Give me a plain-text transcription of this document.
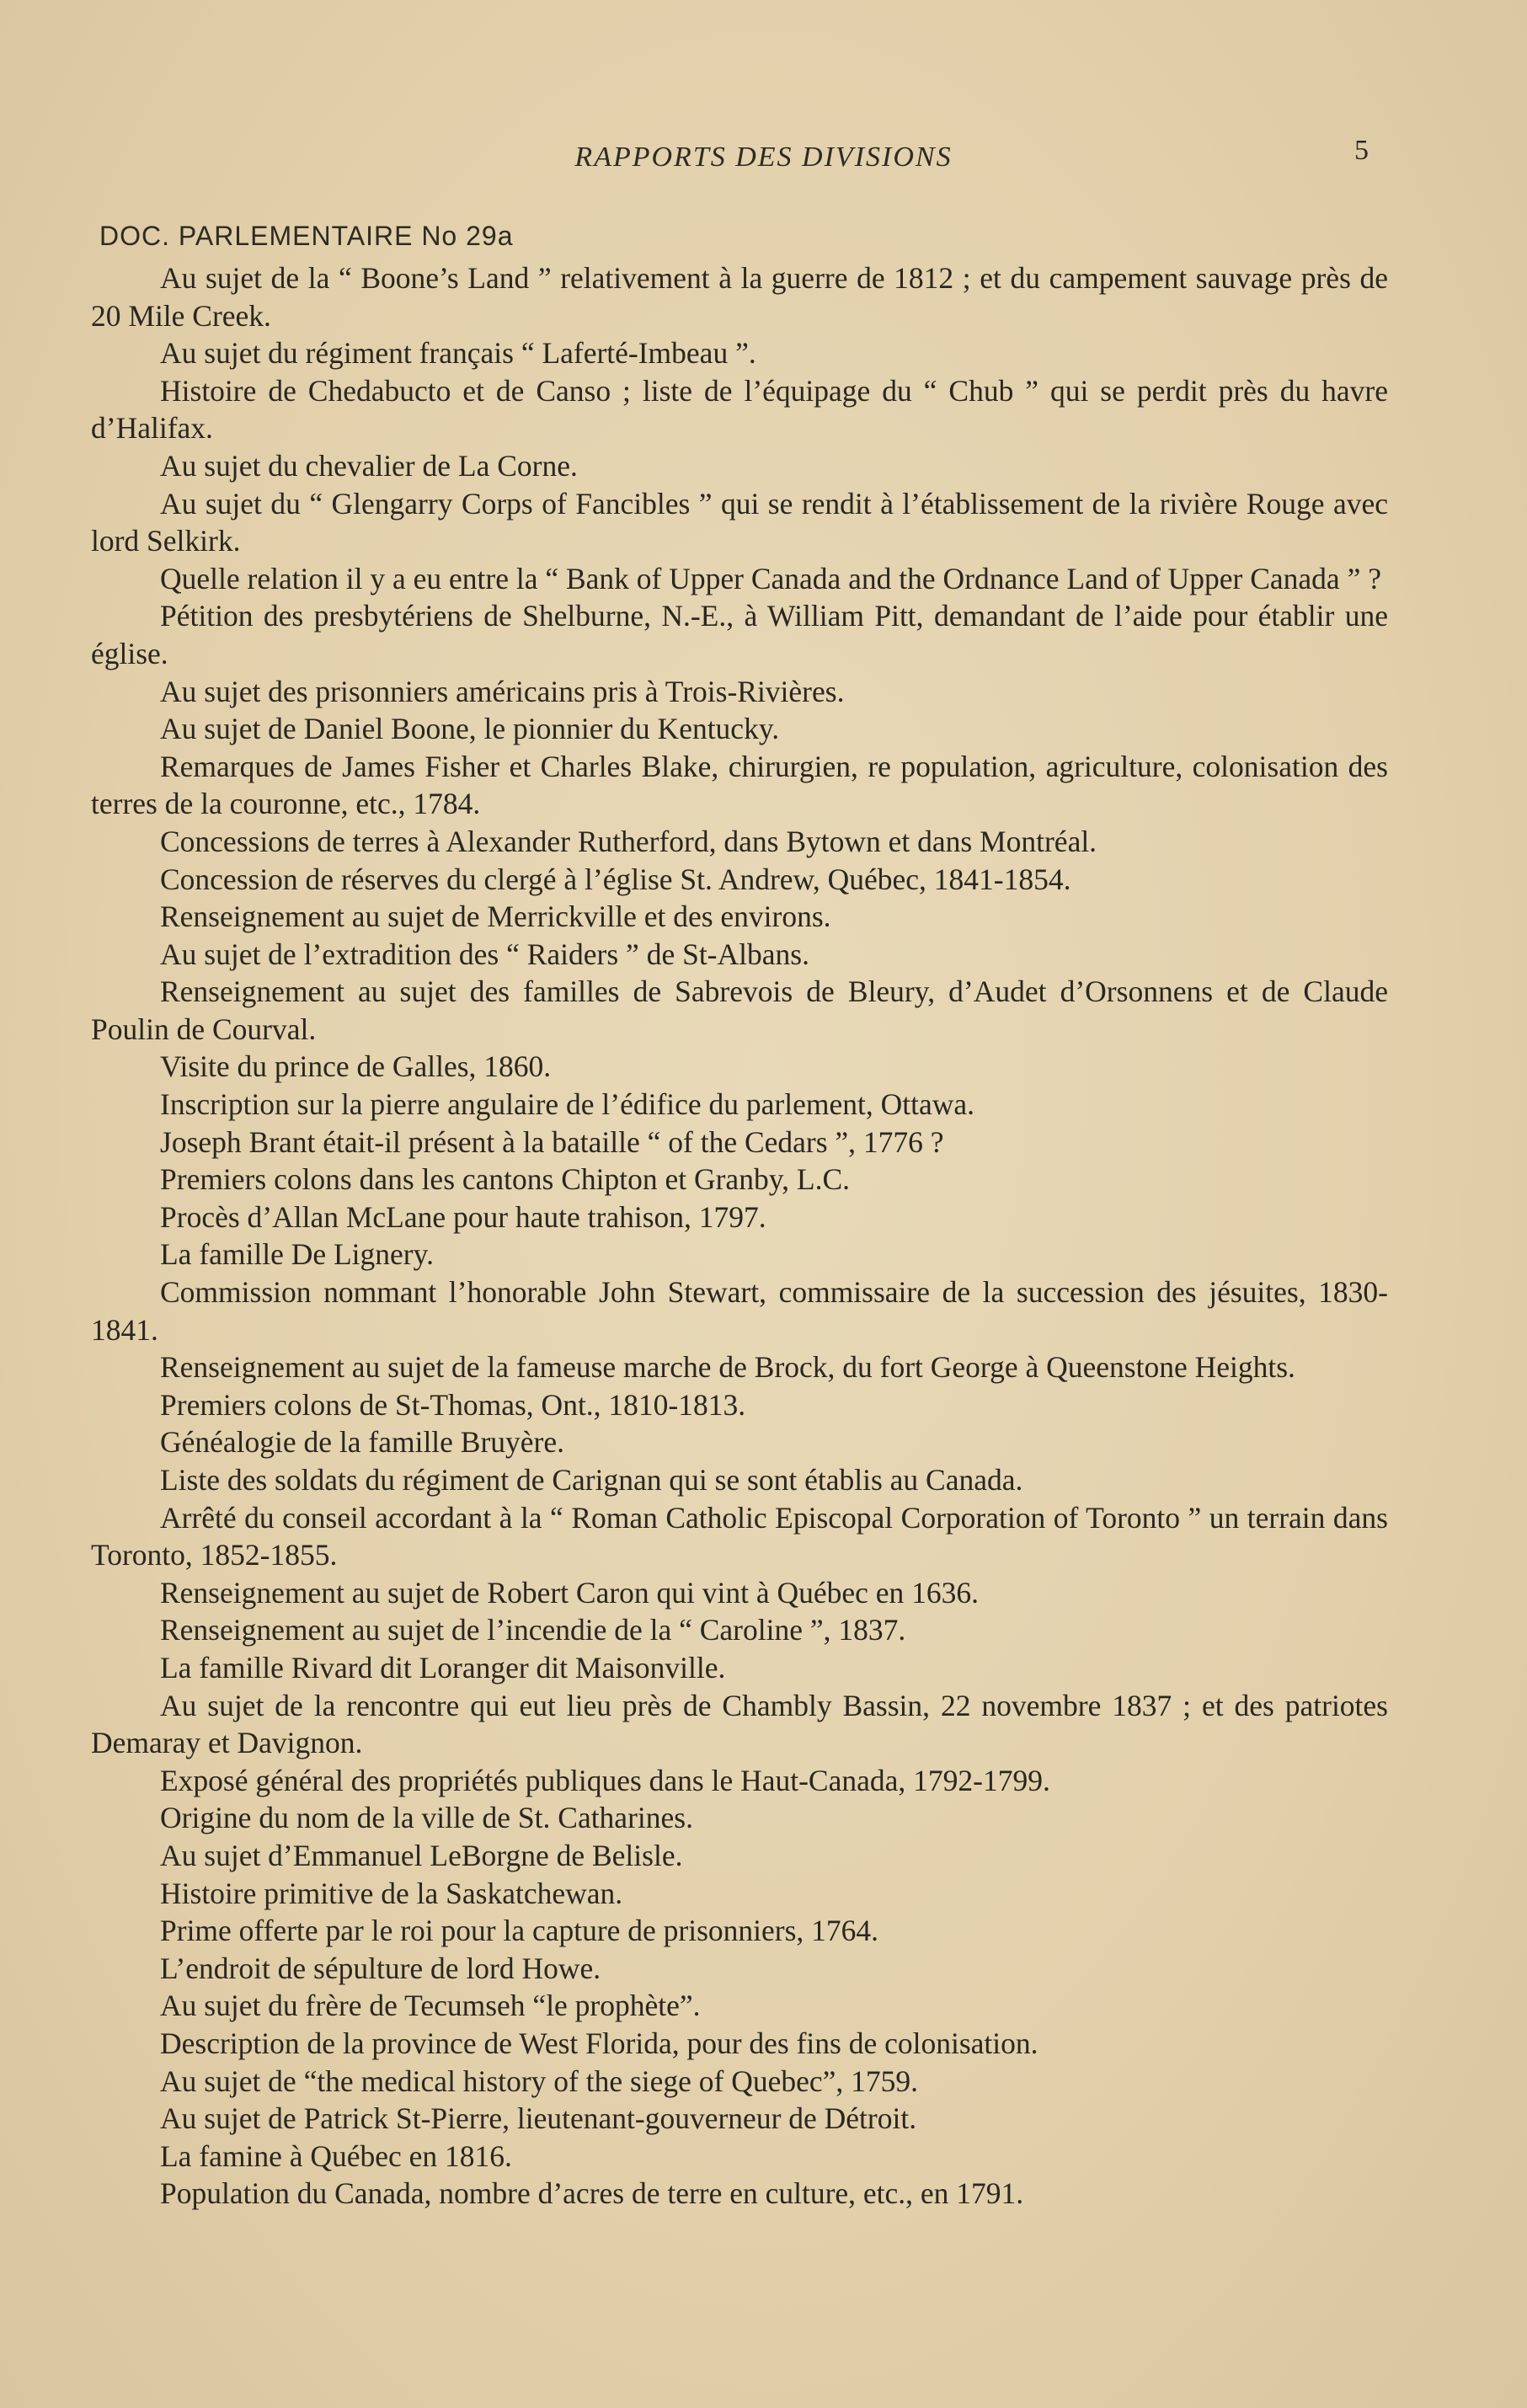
RAPPORTS DES DIVISIONS	5
DOC. PARLEMENTAIRE No 29a

Au sujet de la “ Boone’s Land ” relativement à la guerre de 1812 ; et du campement sauvage près de 20 Mile Creek.

Au sujet du régiment français “ Laferté-Imbeau ”.

Histoire de Chedabucto et de Canso ; liste de l’équipage du “ Chub ” qui se perdit près du havre d’Halifax.

Au sujet du chevalier de La Corne.

Au sujet du “ Glengarry Corps of Fancibles ” qui se rendit à l’établissement de la rivière Rouge avec lord Selkirk.

Quelle relation il y a eu entre la “ Bank of Upper Canada and the Ordnance Land of Upper Canada ” ?

Pétition des presbytériens de Shelburne, N.-E., à William Pitt, demandant de l’aide pour établir une église.

Au sujet des prisonniers américains pris à Trois-Rivières.

Au sujet de Daniel Boone, le pionnier du Kentucky.

Remarques de James Fisher et Charles Blake, chirurgien, re population, agriculture, colonisation des terres de la couronne, etc., 1784.

Concessions de terres à Alexander Rutherford, dans Bytown et dans Montréal.

Concession de réserves du clergé à l’église St. Andrew, Québec, 1841-1854.

Renseignement au sujet de Merrickville et des environs.

Au sujet de l’extradition des “ Raiders ” de St-Albans.

Renseignement au sujet des familles de Sabrevois de Bleury, d’Audet d’Orsonnens et de Claude Poulin de Courval.

Visite du prince de Galles, 1860.

Inscription sur la pierre angulaire de l’édifice du parlement, Ottawa.

Joseph Brant était-il présent à la bataille “ of the Cedars ”, 1776 ?

Premiers colons dans les cantons Chipton et Granby, L.C.

Procès d’Allan McLane pour haute trahison, 1797.

La famille De Lignery.

Commission nommant l’honorable John Stewart, commissaire de la succession des jésuites, 1830-1841.

Renseignement au sujet de la fameuse marche de Brock, du fort George à Queenstone Heights.

Premiers colons de St-Thomas, Ont., 1810-1813.

Généalogie de la famille Bruyère.

Liste des soldats du régiment de Carignan qui se sont établis au Canada.

Arrêté du conseil accordant à la “ Roman Catholic Episcopal Corporation of Toronto ” un terrain dans Toronto, 1852-1855.

Renseignement au sujet de Robert Caron qui vint à Québec en 1636.

Renseignement au sujet de l’incendie de la “ Caroline ”, 1837.

La famille Rivard dit Loranger dit Maisonville.

Au sujet de la rencontre qui eut lieu près de Chambly Bassin, 22 novembre 1837 ; et des patriotes Demaray et Davignon.

Exposé général des propriétés publiques dans le Haut-Canada, 1792-1799.

Origine du nom de la ville de St. Catharines.

Au sujet d’Emmanuel LeBorgne de Belisle.

Histoire primitive de la Saskatchewan.

Prime offerte par le roi pour la capture de prisonniers, 1764.

L’endroit de sépulture de lord Howe.

Au sujet du frère de Tecumseh “le prophète”.

Description de la province de West Florida, pour des fins de colonisation.

Au sujet de “the medical history of the siege of Quebec”, 1759.

Au sujet de Patrick St-Pierre, lieutenant-gouverneur de Détroit.

La famine à Québec en 1816.

Population du Canada, nombre d’acres de terre en culture, etc., en 1791.
